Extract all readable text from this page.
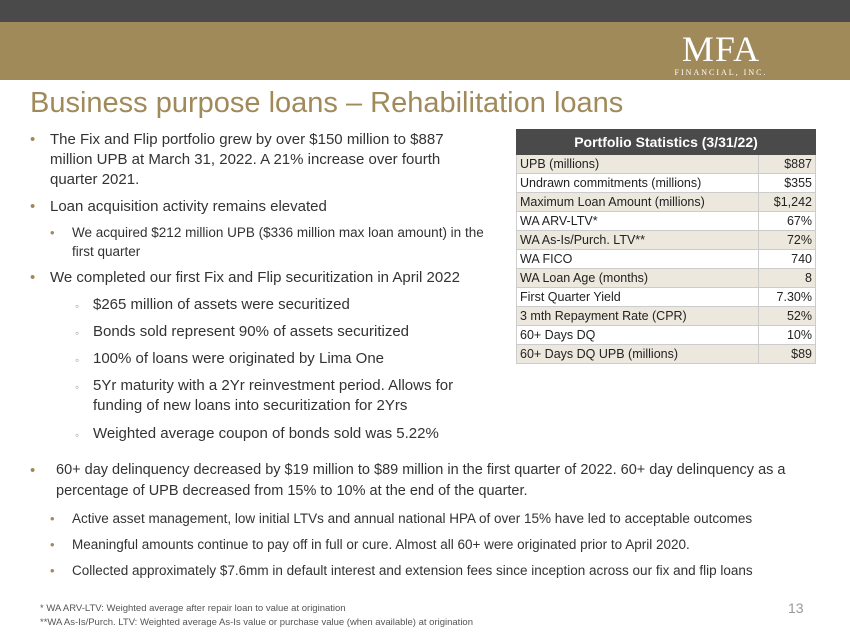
MFA
FINANCIAL, INC.
Business purpose loans – Rehabilitation loans
• The Fix and Flip portfolio grew by over $150 million to $887 million UPB at March 31, 2022. A 21% increase over fourth quarter 2021.
• Loan acquisition activity remains elevated
• We acquired $212 million UPB ($336 million max loan amount) in the first quarter
• We completed our first Fix and Flip securitization in April 2022
◦ $265 million of assets were securitized
◦ Bonds sold represent 90% of assets securitized
◦ 100% of loans were originated by Lima One
◦ 5Yr maturity with a 2Yr reinvestment period. Allows for funding of new loans into securitization for 2Yrs
◦ Weighted average coupon of bonds sold was 5.22%
Portfolio Statistics (3/31/22)	
UPB (millions)	$887
Undrawn commitments (millions)	$355
Maximum Loan Amount (millions)	$1,242
WA ARV-LTV*	67%
WA As-Is/Purch. LTV**	72%
WA FICO	740
WA Loan Age (months)	8
First Quarter Yield	7.30%
3 mth Repayment Rate (CPR)	52%
60+ Days DQ	10%
60+ Days DQ UPB (millions)	$89
• 60+ day delinquency decreased by $19 million to $89 million in the first quarter of 2022. 60+ day delinquency as a percentage of UPB decreased from 15% to 10% at the end of the quarter.
• Active asset management, low initial LTVs and annual national HPA of over 15% have led to acceptable outcomes
• Meaningful amounts continue to pay off in full or cure. Almost all 60+ were originated prior to April 2020.
• Collected approximately $7.6mm in default interest and extension fees since inception across our fix and flip loans
* WA ARV-LTV: Weighted average after repair loan to value at origination
**WA As-Is/Purch. LTV: Weighted average As-Is value or purchase value (when available) at origination
13
